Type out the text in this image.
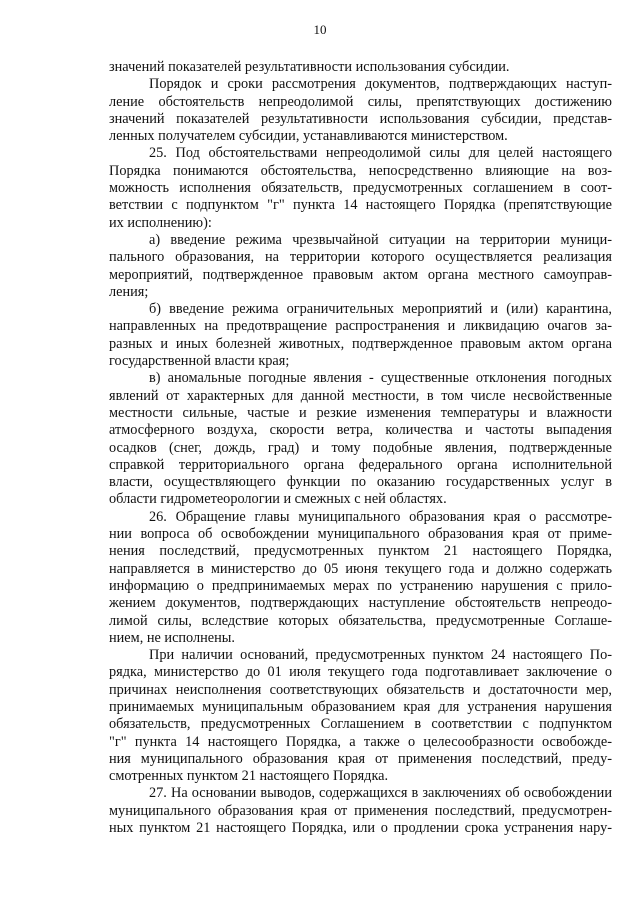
10

значений показателей результативности использования субсидии.

Порядок и сроки рассмотрения документов, подтверждающих наступ-
ление обстоятельств непреодолимой силы, препятствующих достижению
значений показателей результативности использования субсидии, представ-
ленных получателем субсидии, устанавливаются министерством.

25. Под обстоятельствами непреодолимой силы для целей настоящего
Порядка понимаются обстоятельства, непосредственно влияющие на воз-
можность исполнения обязательств, предусмотренных соглашением в соот-
ветствии с подпунктом "г" пункта 14 настоящего Порядка (препятствующие
их исполнению):

а) введение режима чрезвычайной ситуации на территории муници-
пального образования, на территории которого осуществляется реализация
мероприятий, подтвержденное правовым актом органа местного самоуправ-
ления;

б) введение режима ограничительных мероприятий и (или) карантина,
направленных на предотвращение распространения и ликвидацию очагов за-
разных и иных болезней животных, подтвержденное правовым актом органа
государственной власти края;

в) аномальные погодные явления - существенные отклонения погодных
явлений от характерных для данной местности, в том числе несвойственные
местности сильные, частые и резкие изменения температуры и влажности
атмосферного воздуха, скорости ветра, количества и частоты выпадения
осадков (снег, дождь, град) и тому подобные явления, подтвержденные
справкой территориального органа федерального органа исполнительной
власти, осуществляющего функции по оказанию государственных услуг в
области гидрометеорологии и смежных с ней областях.

26. Обращение главы муниципального образования края о рассмотре-
нии вопроса об освобождении муниципального образования края от приме-
нения последствий, предусмотренных пунктом 21 настоящего Порядка,
направляется в министерство до 05 июня текущего года и должно содержать
информацию о предпринимаемых мерах по устранению нарушения с прило-
жением документов, подтверждающих наступление обстоятельств непреодо-
лимой силы, вследствие которых обязательства, предусмотренные Соглаше-
нием, не исполнены.

При наличии оснований, предусмотренных пунктом 24 настоящего По-
рядка, министерство до 01 июля текущего года подготавливает заключение о
причинах неисполнения соответствующих обязательств и достаточности мер,
принимаемых муниципальным образованием края для устранения нарушения
обязательств, предусмотренных Соглашением в соответствии с подпунктом
"г" пункта 14 настоящего Порядка, а также о целесообразности освобожде-
ния муниципального образования края от применения последствий, преду-
смотренных пунктом 21 настоящего Порядка.

27. На основании выводов, содержащихся в заключениях об освобождении
муниципального образования края от применения последствий, предусмотрен-
ных пунктом 21 настоящего Порядка, или о продлении срока устранения нару-
